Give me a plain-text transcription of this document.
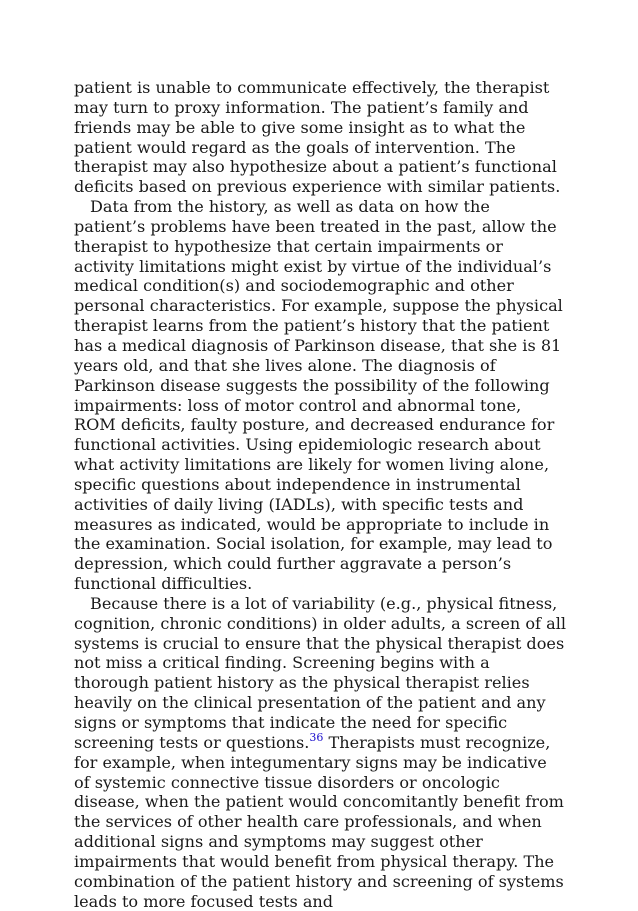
patient is unable to communicate effectively, the therapist may turn to proxy information. The patient’s family and friends may be able to give some insight as to what the patient would regard as the goals of intervention. The therapist may also hypothesize about a patient’s functional deficits based on previous experience with similar patients.

Data from the history, as well as data on how the patient’s problems have been treated in the past, allow the therapist to hypothesize that certain impairments or activity limitations might exist by virtue of the individual’s medical condition(s) and sociodemographic and other personal characteristics. For example, suppose the physical therapist learns from the patient’s history that the patient has a medical diagnosis of Parkinson disease, that she is 81 years old, and that she lives alone. The diagnosis of Parkinson disease suggests the possibility of the following impairments: loss of motor control and abnormal tone, ROM deficits, faulty posture, and decreased endurance for functional activities. Using epidemiologic research about what activity limitations are likely for women living alone, specific questions about independence in instrumental activities of daily living (IADLs), with specific tests and measures as indicated, would be appropriate to include in the examination. Social isolation, for example, may lead to depression, which could further aggravate a person’s functional difficulties.

Because there is a lot of variability (e.g., physical fitness, cognition, chronic conditions) in older adults, a screen of all systems is crucial to ensure that the physical therapist does not miss a critical finding. Screening begins with a thorough patient history as the physical therapist relies heavily on the clinical presentation of the patient and any signs or symptoms that indicate the need for specific screening tests or questions.$^{36}$ Therapists must recognize, for example, when integumentary signs may be indicative of systemic connective tissue disorders or oncologic disease, when the patient would concomitantly benefit from the services of other health care professionals, and when additional signs and symptoms may suggest other impairments that would benefit from physical therapy. The combination of the patient history and screening of systems leads to more focused tests and
